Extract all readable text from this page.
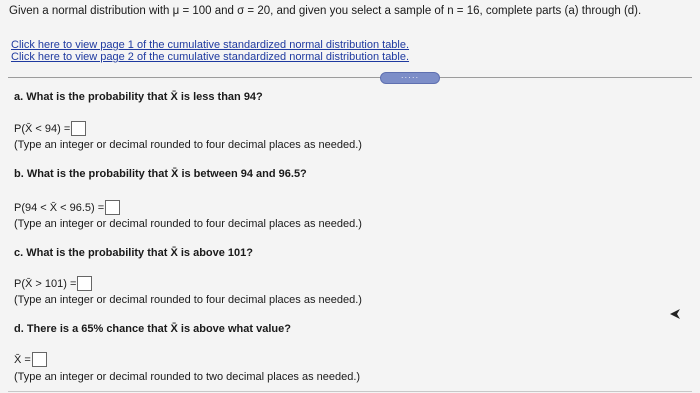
Given a normal distribution with μ = 100 and σ = 20, and given you select a sample of n = 16, complete parts (a) through (d).
Click here to view page 1 of the cumulative standardized normal distribution table.
Click here to view page 2 of the cumulative standardized normal distribution table.
·····
a. What is the probability that X̄ is less than 94?
P(X̄ < 94) =
(Type an integer or decimal rounded to four decimal places as needed.)
b. What is the probability that X̄ is between 94 and 96.5?
P(94 < X̄ < 96.5) =
(Type an integer or decimal rounded to four decimal places as needed.)
c. What is the probability that X̄ is above 101?
P(X̄ > 101) =
(Type an integer or decimal rounded to four decimal places as needed.)
d. There is a 65% chance that X̄ is above what value?
X̄ =
(Type an integer or decimal rounded to two decimal places as needed.)
